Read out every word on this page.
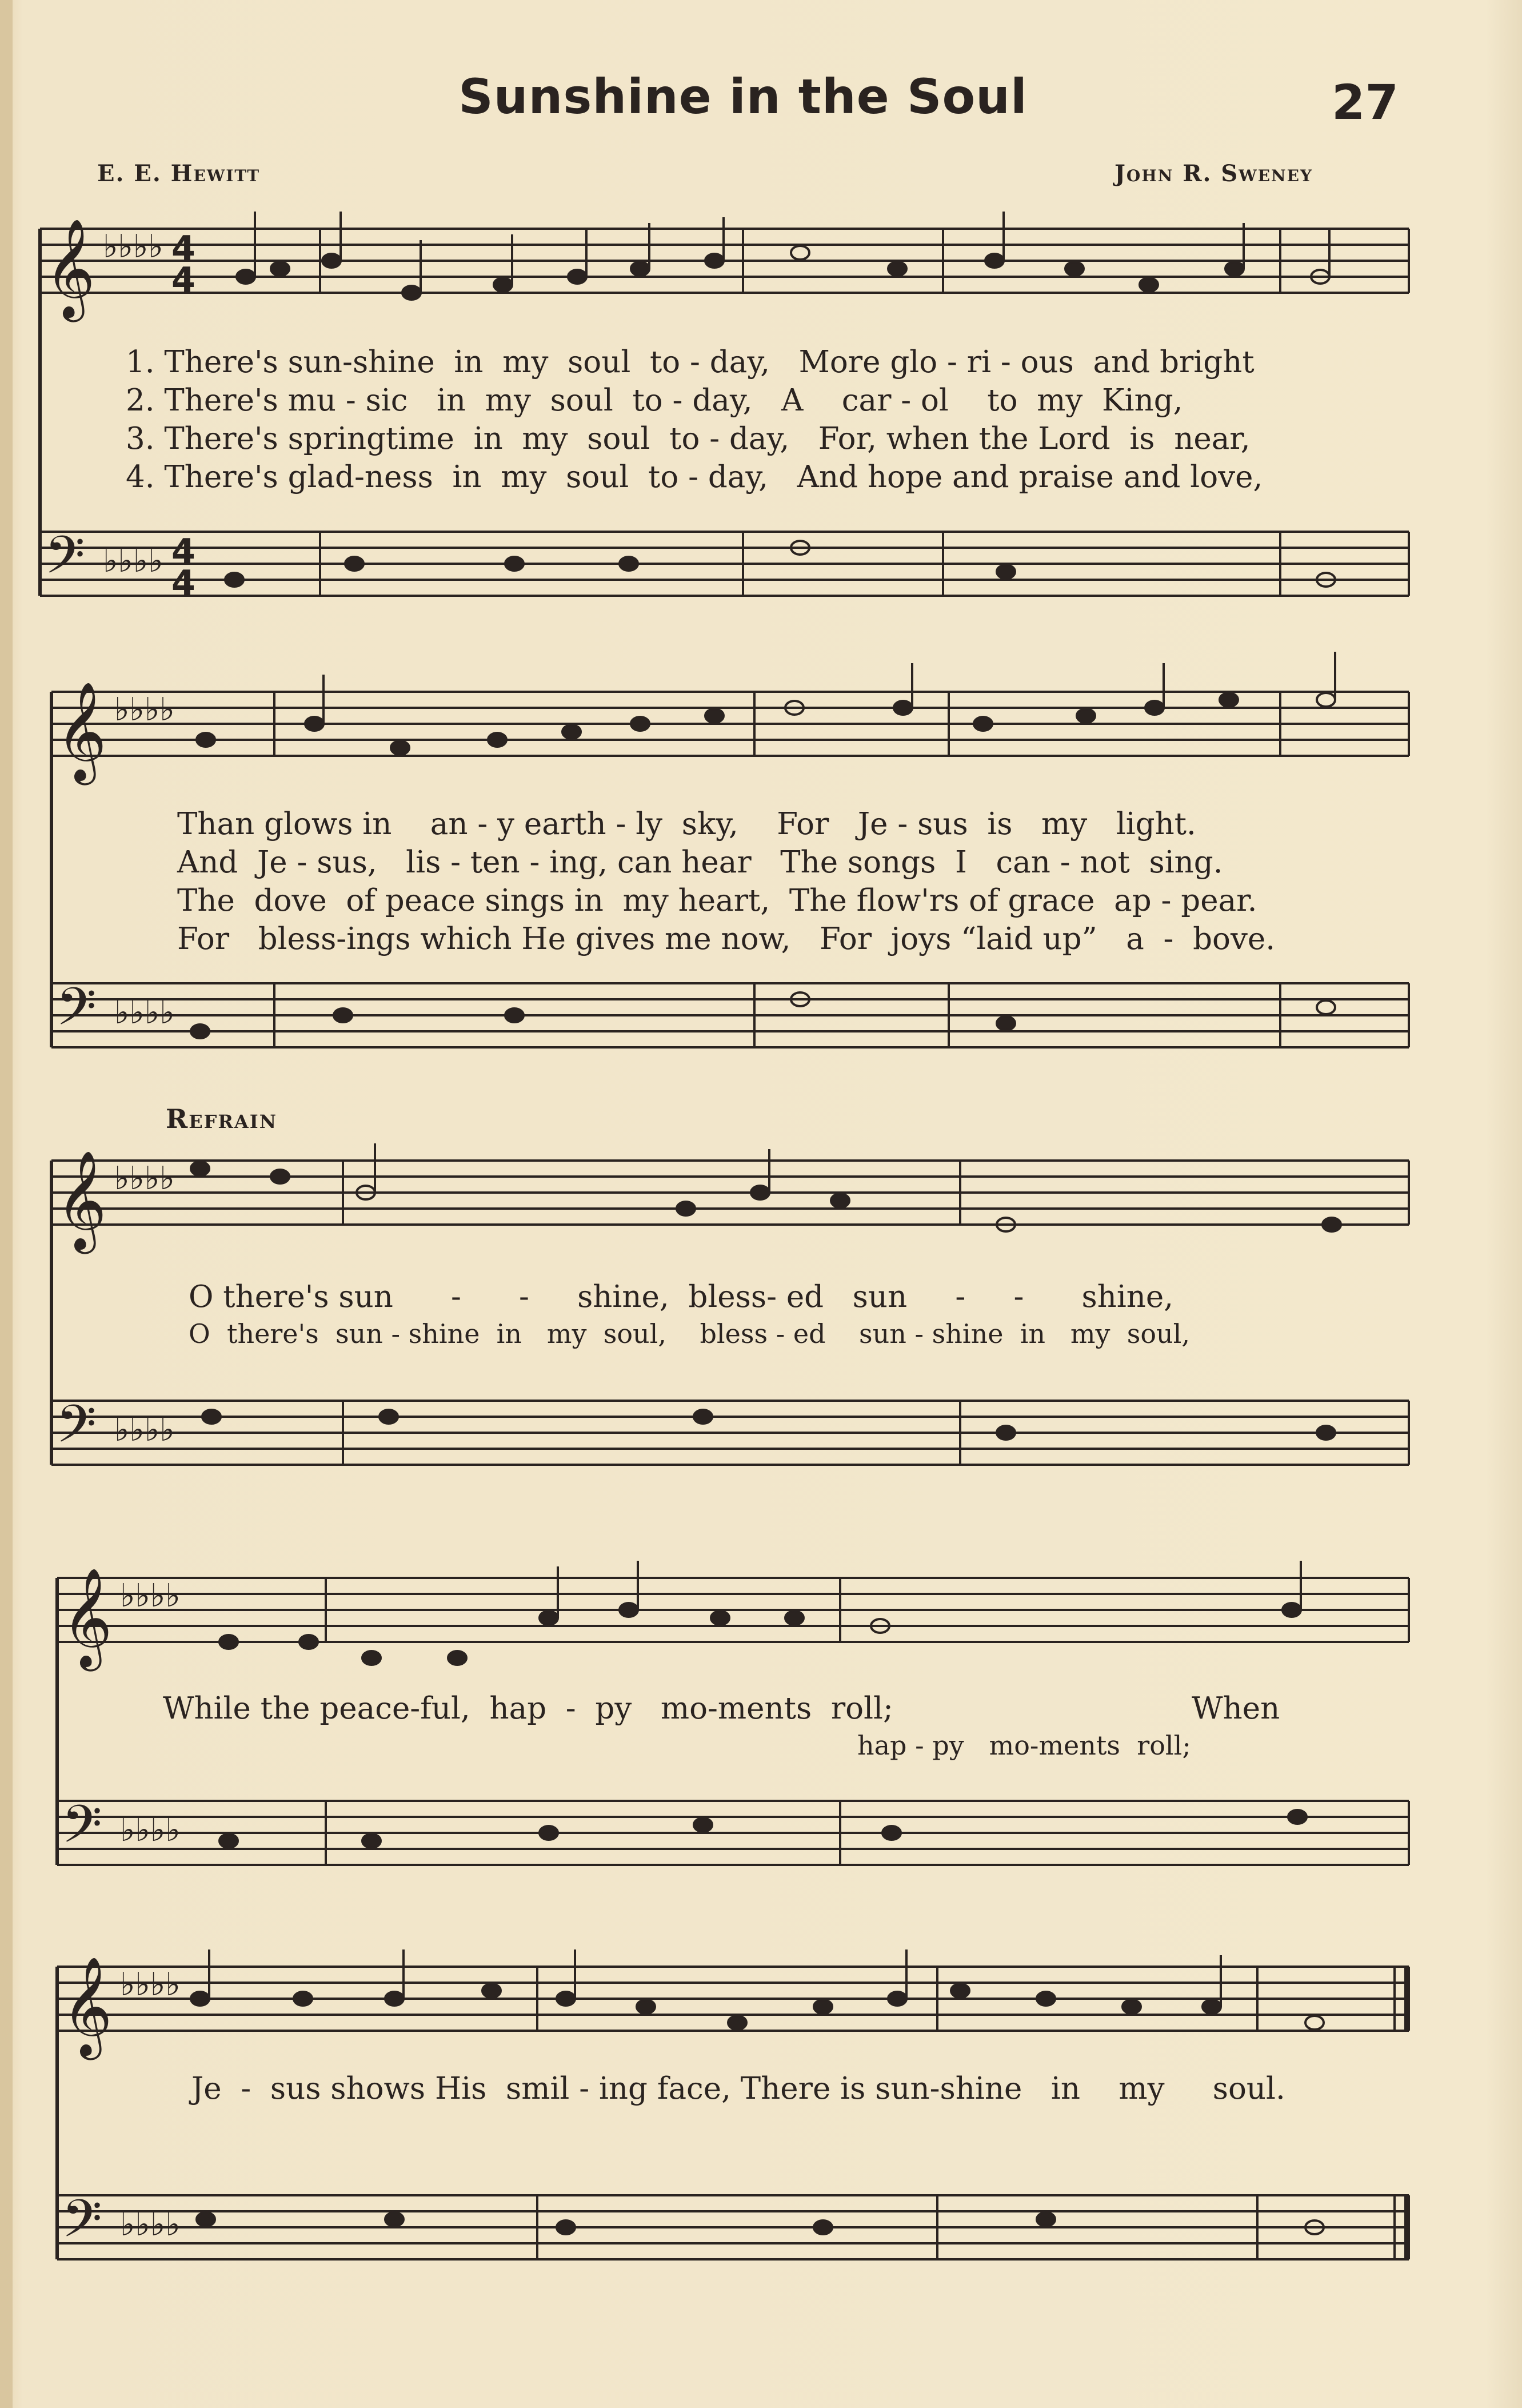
Sunshine in the Soul	27
E. E. Hewitt	John R. Sweney
𝄞
𝄢
𝄞
𝄢
𝄞
𝄢
𝄞
𝄢
𝄞
𝄢
♭♭♭♭
♭♭♭♭
♭♭♭♭
♭♭♭♭
♭♭♭♭
♭♭♭♭
♭♭♭♭
♭♭♭♭
♭♭♭♭
♭♭♭♭
4
4
4
4
Refrain
1. There's sun-shine  in  my  soul  to - day,   More glo - ri - ous  and bright
2. There's mu - sic   in  my  soul  to - day,   A    car - ol    to  my  King,
3. There's springtime  in  my  soul  to - day,   For, when the Lord  is  near,
4. There's glad-ness  in  my  soul  to - day,   And hope and praise and love,
Than glows in    an - y earth - ly  sky,    For   Je - sus  is   my   light.
And  Je - sus,   lis - ten - ing, can hear   The songs  I   can - not  sing.
The  dove  of peace sings in  my heart,  The flow'rs of grace  ap - pear.
For   bless-ings which He gives me now,   For  joys “laid up”   a  -  bove.
O there's sun      -      -     shine,  bless- ed   sun     -     -      shine,
O  there's  sun - shine  in   my  soul,    bless - ed    sun - shine  in   my  soul,
While the peace-ful,  hap  -  py   mo-ments  roll;                               When
hap - py   mo-ments  roll;
Je  -  sus shows His  smil - ing face, There is sun-shine   in    my     soul.
